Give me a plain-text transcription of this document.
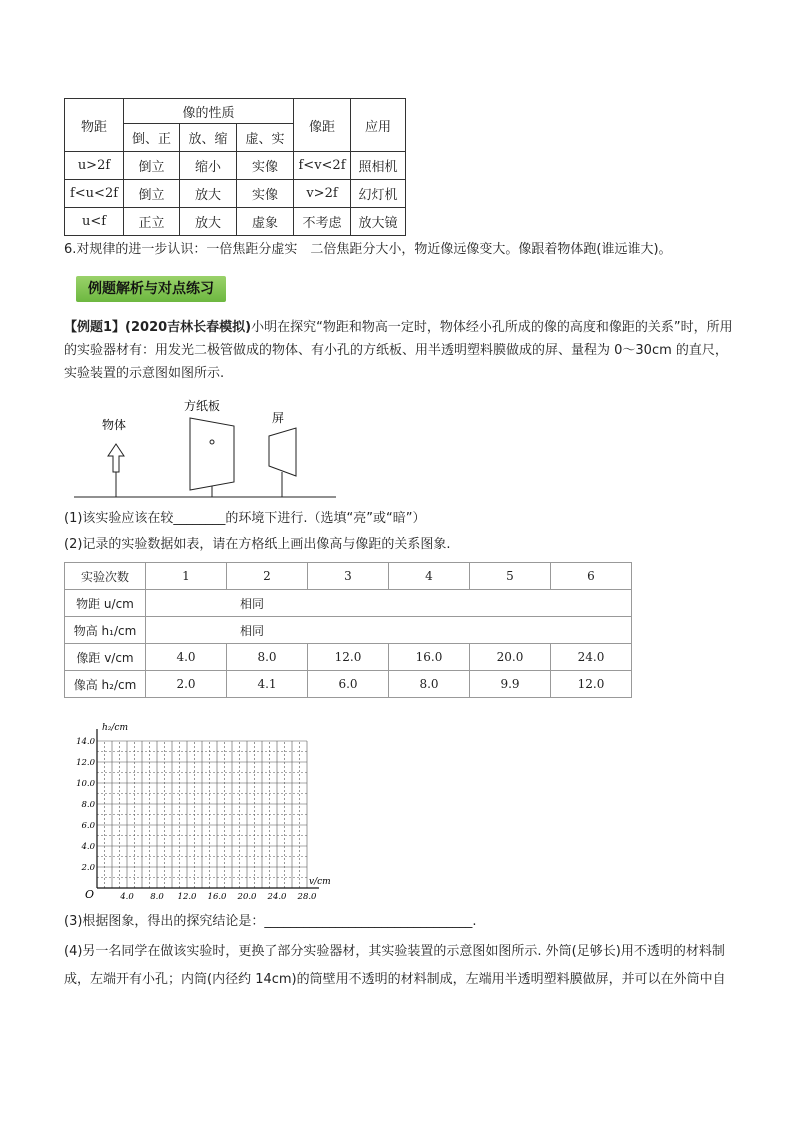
物距	像的性质			像距	应用
	倒、正	放、缩	虚、实		
u>2f	倒立	缩小	实像	f<v<2f	照相机
f<u<2f	倒立	放大	实像	v>2f	幻灯机
u<f	正立	放大	虚象	不考虑	放大镜
6.对规律的进一步认识：一倍焦距分虚实　二倍焦距分大小，物近像远像变大。像跟着物体跑(谁远谁大)。
例题解析与对点练习
【例题1】(2020吉林长春模拟)小明在探究“物距和物高一定时，物体经小孔所成的像的高度和像距的关系”时，所用的实验器材有：用发光二极管做成的物体、有小孔的方纸板、用半透明塑料膜做成的屏、量程为 0～30cm 的直尺，实验装置的示意图如图所示.
物体
方纸板
屏
(1)该实验应该在较________的环境下进行.（选填“亮”或“暗”）
(2)记录的实验数据如表，请在方格纸上画出像高与像距的关系图象.
实验次数	1	2	3	4	5	6
物距 u/cm	相同					
物高 h₁/cm	相同					
像距 v/cm	4.0	8.0	12.0	16.0	20.0	24.0
像高 h₂/cm	2.0	4.1	6.0	8.0	9.9	12.0
4.0 8.0 12.0 16.0 20.0 24.0 28.0
2.0
4.0
6.0
8.0
10.0
12.0
14.0
O
v/cm
h₂/cm
(3)根据图象，得出的探究结论是：________________________________.
(4)另一名同学在做该实验时，更换了部分实验器材，其实验装置的示意图如图所示. 外筒(足够长)用不透明的材料制成，左端开有小孔；内筒(内径约 14cm)的筒壁用不透明的材料制成，左端用半透明塑料膜做屏，并可以在外筒中自
